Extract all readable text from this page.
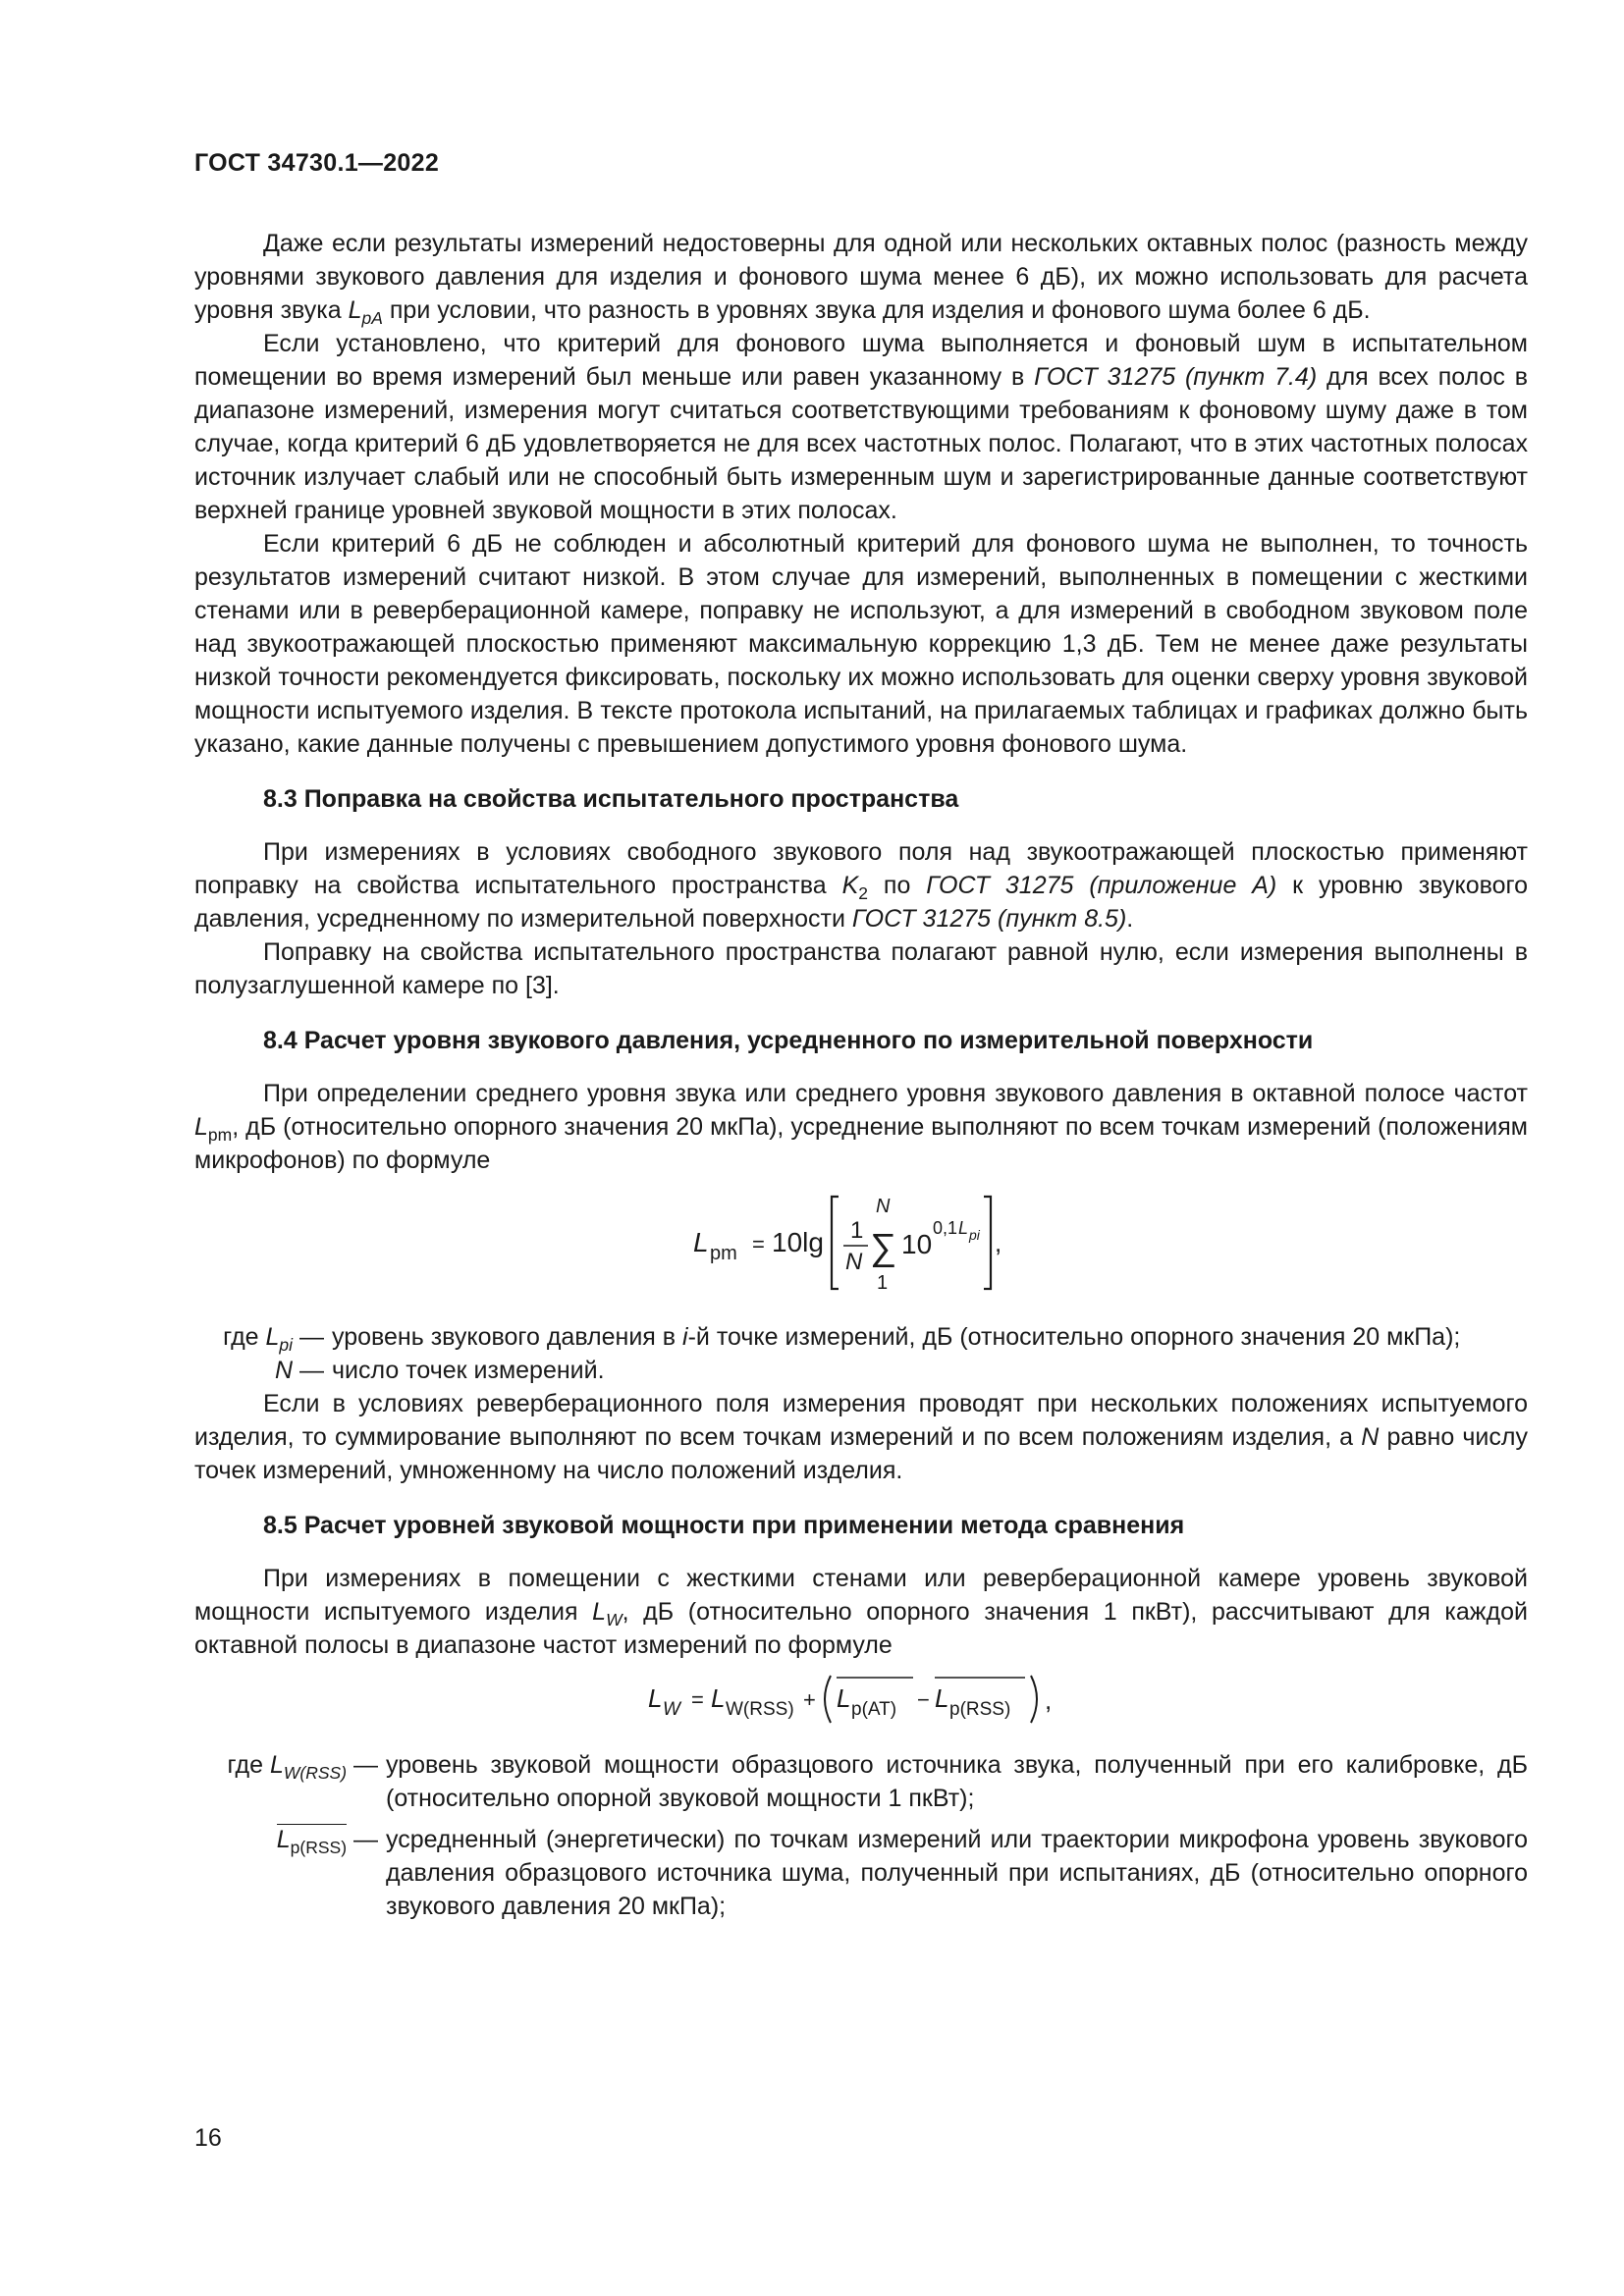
ГОСТ 34730.1—2022

Даже если результаты измерений недостоверны для одной или нескольких октавных полос (разность между уровнями звукового давления для изделия и фонового шума менее 6 дБ), их можно использовать для расчета уровня звука $L_{pA}$ при условии, что разность в уровнях звука для изделия и фонового шума более 6 дБ.

Если установлено, что критерий для фонового шума выполняется и фоновый шум в испытательном помещении во время измерений был меньше или равен указанному в ГОСТ 31275 (пункт 7.4) для всех полос в диапазоне измерений, измерения могут считаться соответствующими требованиям к фоновому шуму даже в том случае, когда критерий 6 дБ удовлетворяется не для всех частотных полос. Полагают, что в этих частотных полосах источник излучает слабый или не способный быть измеренным шум и зарегистрированные данные соответствуют верхней границе уровней звуковой мощности в этих полосах.

Если критерий 6 дБ не соблюден и абсолютный критерий для фонового шума не выполнен, то точность результатов измерений считают низкой. В этом случае для измерений, выполненных в помещении с жесткими стенами или в реверберационной камере, поправку не используют, а для измерений в свободном звуковом поле над звукоотражающей плоскостью применяют максимальную коррекцию 1,3 дБ. Тем не менее даже результаты низкой точности рекомендуется фиксировать, поскольку их можно использовать для оценки сверху уровня звуковой мощности испытуемого изделия. В тексте протокола испытаний, на прилагаемых таблицах и графиках должно быть указано, какие данные получены с превышением допустимого уровня фонового шума.

8.3 Поправка на свойства испытательного пространства

При измерениях в условиях свободного звукового поля над звукоотражающей плоскостью применяют поправку на свойства испытательного пространства $K_2$ по ГОСТ 31275 (приложение А) к уровню звукового давления, усредненному по измерительной поверхности ГОСТ 31275 (пункт 8.5).

Поправку на свойства испытательного пространства полагают равной нулю, если измерения выполнены в полузаглушенной камере по [3].

8.4 Расчет уровня звукового давления, усредненного по измерительной поверхности

При определении среднего уровня звука или среднего уровня звукового давления в октавной полосе частот $L_{pm}$, дБ (относительно опорного значения 20 мкПа), усреднение выполняют по всем точкам измерений (положениям микрофонов) по формуле

L pm = 10lg 1
N
N
∑
1
10
0,1 L pi ,
где $L_{pi}$ — уровень звукового давления в i-й точке измерений, дБ (относительно опорного значения 20 мкПа);
N — число точек измерений.

Если в условиях реверберационного поля измерения проводят при нескольких положениях испытуемого изделия, то суммирование выполняют по всем точкам измерений и по всем положениям изделия, а N равно числу точек измерений, умноженному на число положений изделия.

8.5 Расчет уровней звуковой мощности при применении метода сравнения

При измерениях в помещении с жесткими стенами или реверберационной камере уровень звуковой мощности испытуемого изделия $L_W$, дБ (относительно опорного значения 1 пкВт), рассчитывают для каждой октавной полосы в диапазоне частот измерений по формуле

L W = L W(RSS) + L p(AT) − L p(RSS) ,
где $L_{W(RSS)}$ — уровень звуковой мощности образцового источника звука, полученный при его калибровке, дБ (относительно опорной звуковой мощности 1 пкВт);
$L_{p(RSS)}$ — усредненный (энергетически) по точкам измерений или траектории микрофона уровень звукового давления образцового источника шума, полученный при испытаниях, дБ (относительно опорного звукового давления 20 мкПа);
16
